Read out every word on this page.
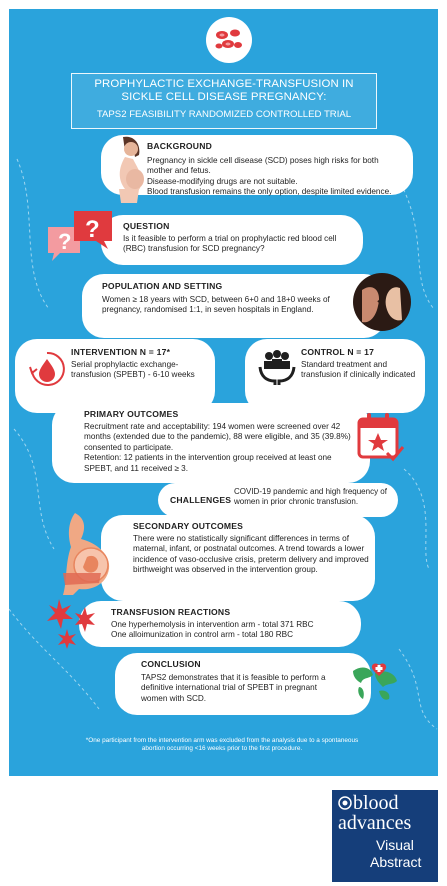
PROPHYLACTIC EXCHANGE-TRANSFUSION IN
SICKLE CELL DISEASE PREGNANCY:
TAPS2 FEASIBILITY RANDOMIZED CONTROLLED TRIAL
BACKGROUND

Pregnancy in sickle cell disease (SCD) poses high risks for both mother and fetus.

Disease-modifying drugs are not suitable.

Blood transfusion remains the only option, despite limited evidence.

QUESTION
Is it feasible to perform a trial on prophylactic red blood cell (RBC) transfusion for SCD pregnancy?
? ?
POPULATION AND SETTING
Women ≥ 18 years with SCD, between 6+0 and 18+0 weeks of pregnancy, randomised 1:1, in seven hospitals in England.
INTERVENTION N = 17*
Serial prophylactic exchange-transfusion (SPEBT) - 6-10 weeks
CONTROL N = 17
Standard treatment and transfusion if clinically indicated
PRIMARY OUTCOMES

Recruitment rate and acceptability: 194 women were screened over 42 months (extended due to the pandemic), 88 were eligible, and 35 (39.8%) consented to participate.

Retention: 12 patients in the intervention group received at least one SPEBT, and 11 received ≥ 3.

CHALLENGES
COVID-19 pandemic and high frequency of women in prior chronic transfusion.
SECONDARY OUTCOMES
There were no statistically significant differences in terms of maternal, infant, or postnatal outcomes. A trend towards a lower incidence of vaso-occlusive crisis, preterm delivery and improved birthweight was observed in the intervention group.
TRANSFUSION REACTIONS

One hyperhemolysis in intervention arm - total 371 RBC

One alloimunization in control arm - total 180 RBC

CONCLUSION
TAPS2 demonstrates that it is feasible to perform a definitive international trial of SPEBT in pregnant women with SCD.
*One participant from the intervention arm was excluded from the analysis due to a spontaneous abortion occurring <16 weeks prior to the first procedure.
blood
advances
Visual
Abstract
